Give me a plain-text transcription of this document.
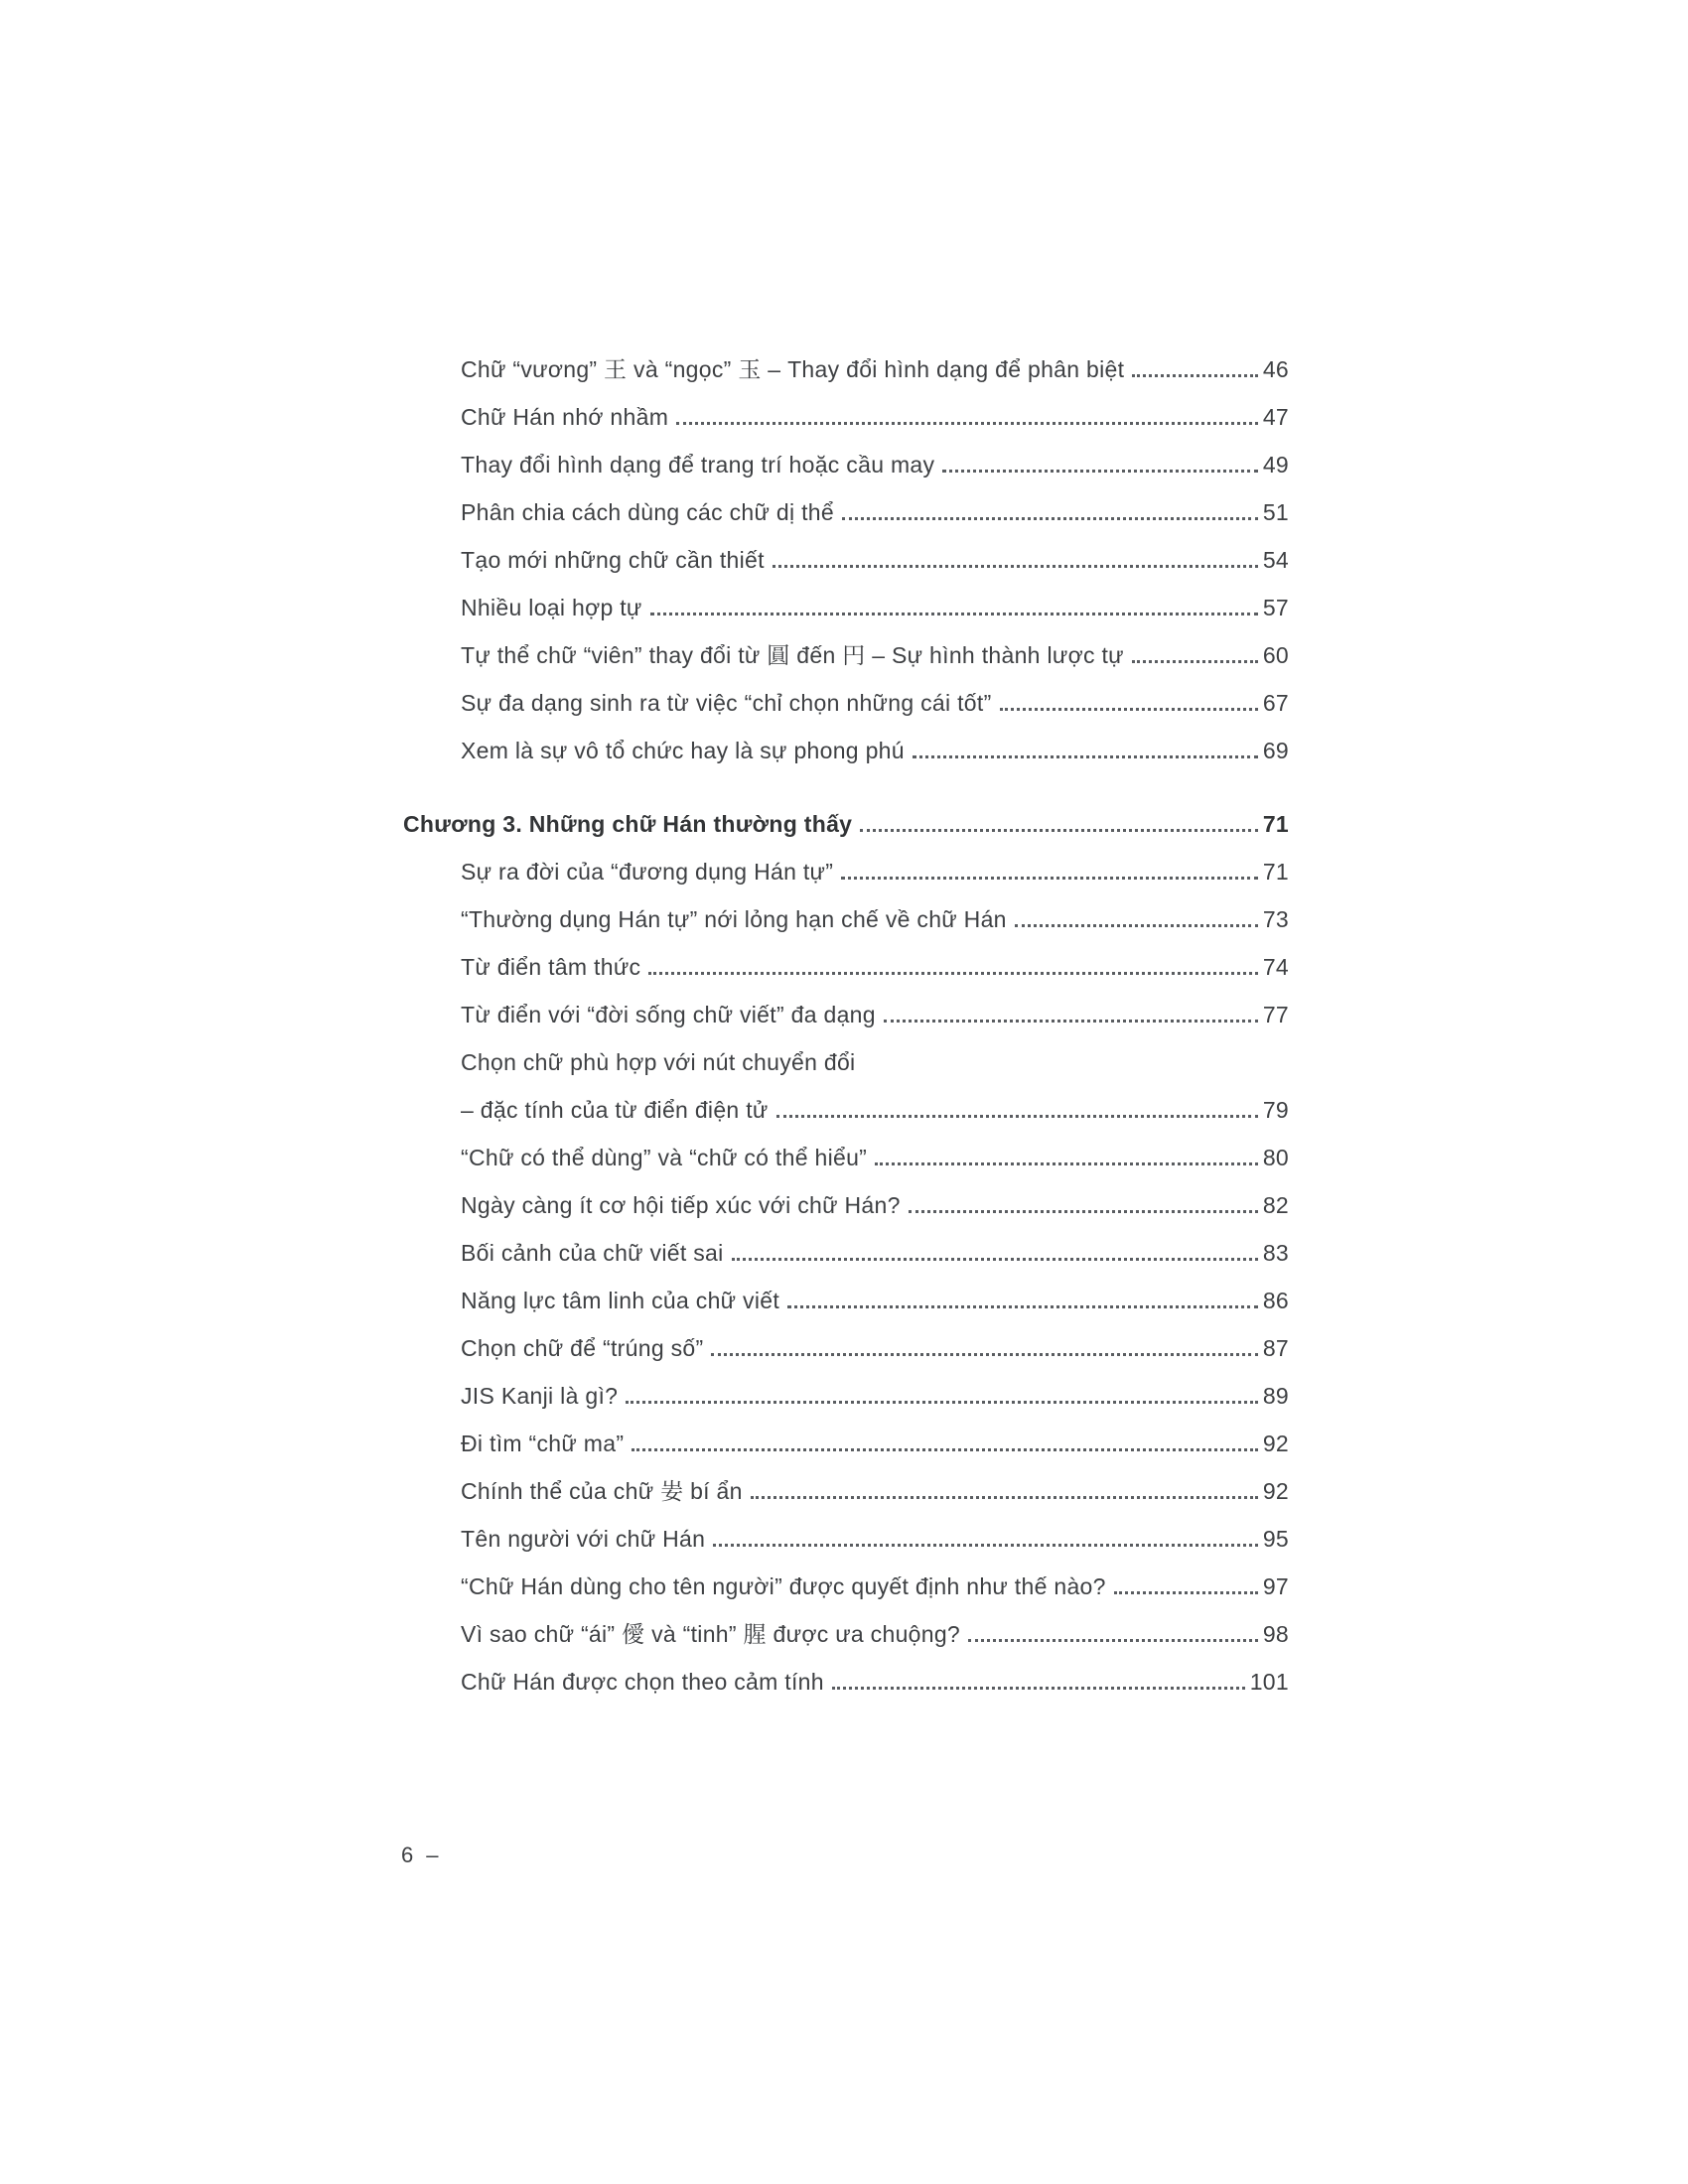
Chữ “vương” 王 và “ngọc” 玉 – Thay đổi hình dạng để phân biệt	46
Chữ Hán nhớ nhầm	47
Thay đổi hình dạng để trang trí hoặc cầu may	49
Phân chia cách dùng các chữ dị thể	51
Tạo mới những chữ cần thiết	54
Nhiều loại hợp tự	57
Tự thể chữ “viên” thay đổi từ 圓 đến 円 – Sự hình thành lược tự	60
Sự đa dạng sinh ra từ việc “chỉ chọn những cái tốt”	67
Xem là sự vô tổ chức hay là sự phong phú	69
Chương 3. Những chữ Hán thường thấy	71
Sự ra đời của “đương dụng Hán tự”	71
“Thường dụng Hán tự” nới lỏng hạn chế về chữ Hán	73
Từ điển tâm thức	74
Từ điển với “đời sống chữ viết” đa dạng	77
Chọn chữ phù hợp với nút chuyển đổi
– đặc tính của từ điển điện tử	79
“Chữ có thể dùng” và “chữ có thể hiểu”	80
Ngày càng ít cơ hội tiếp xúc với chữ Hán?	82
Bối cảnh của chữ viết sai	83
Năng lực tâm linh của chữ viết	86
Chọn chữ để “trúng số”	87
JIS Kanji là gì?	89
Đi tìm “chữ ma”	92
Chính thể của chữ 妛 bí ẩn	92
Tên người với chữ Hán	95
“Chữ Hán dùng cho tên người” được quyết định như thế nào?	97
Vì sao chữ “ái” 僾 và “tinh” 腥 được ưa chuộng?	98
Chữ Hán được chọn theo cảm tính	101
6 –
